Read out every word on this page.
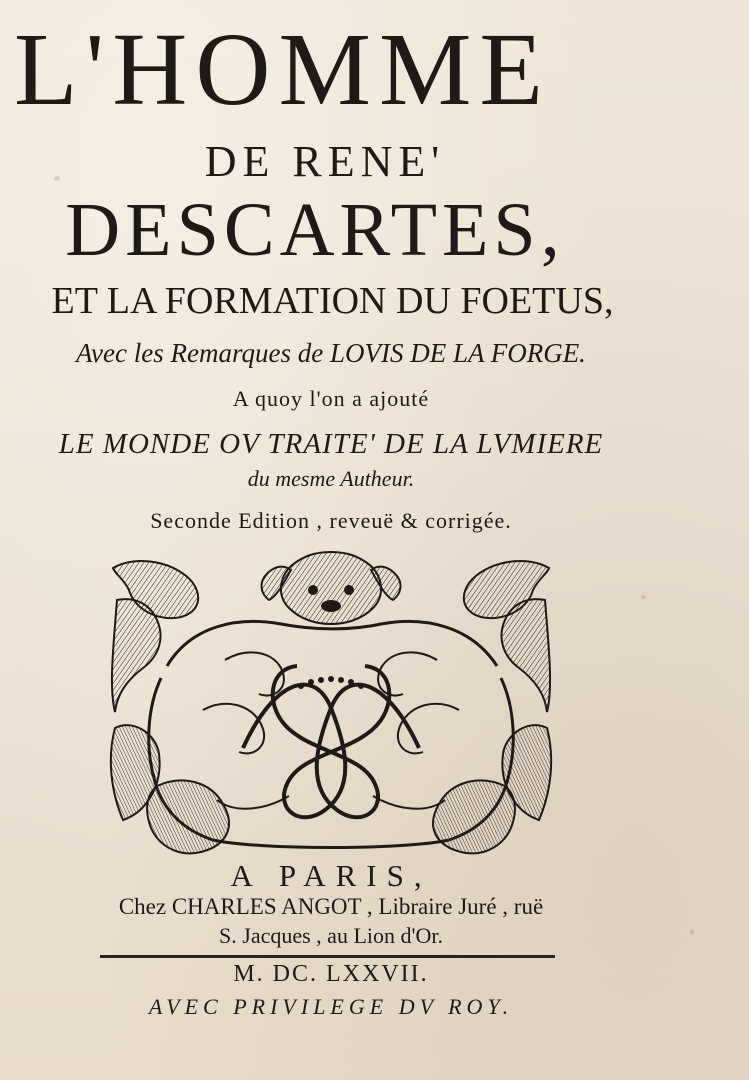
L'HOMME
DE RENE'
DESCARTES,
ET LA FORMATION DU FOETUS,
Avec les Remarques de LOVIS DE LA FORGE.
A quoy l'on a ajouté
LE MONDE OV TRAITE' DE LA LVMIERE
du mesme Autheur.
Seconde Edition , reveuë & corrigée.
A PARIS,
Chez CHARLES ANGOT , Libraire Juré , ruë
S. Jacques , au Lion d'Or.
M. DC. LXXVII.
AVEC PRIVILEGE DV ROY.
